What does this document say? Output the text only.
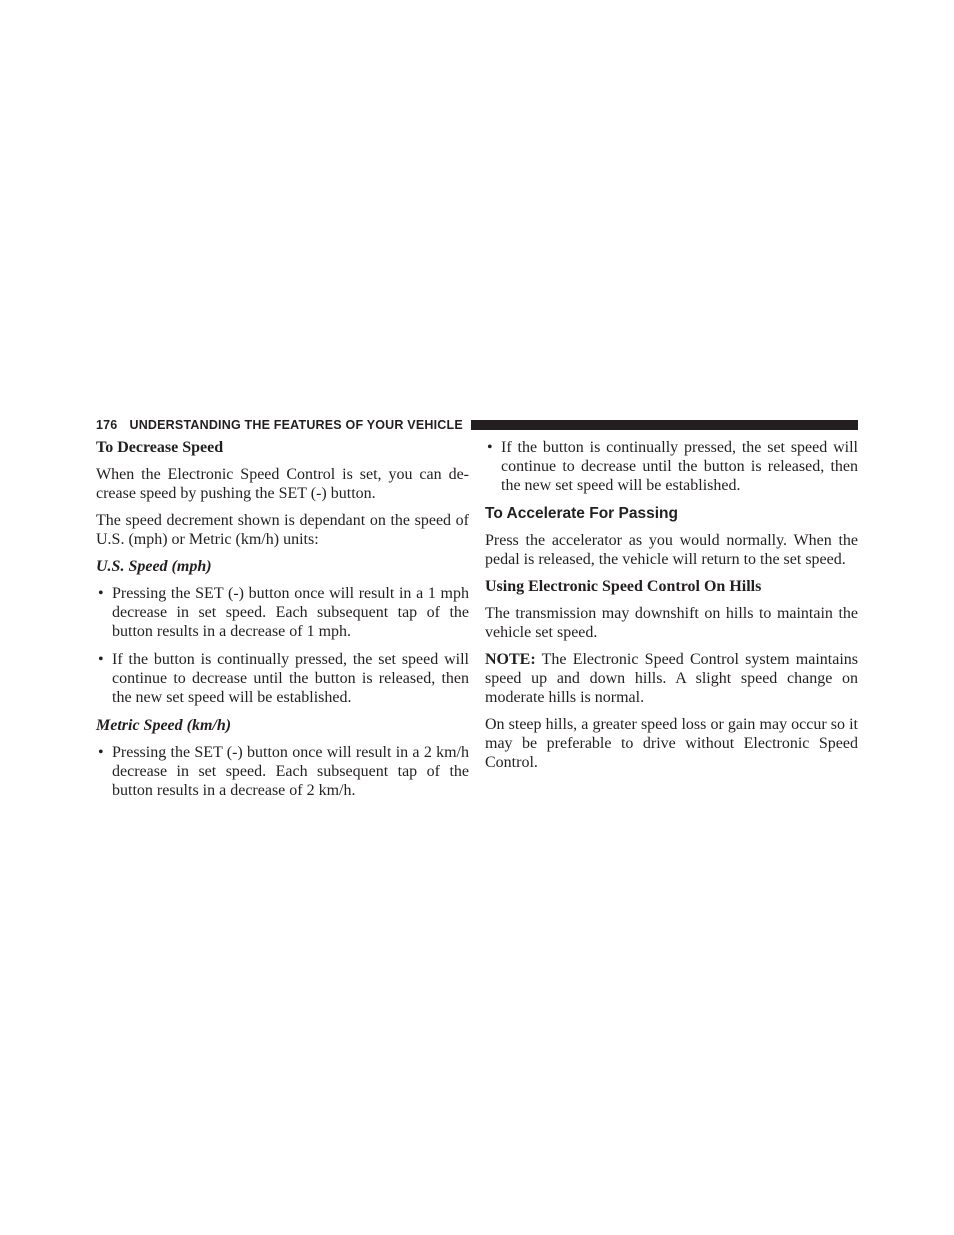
176 UNDERSTANDING THE FEATURES OF YOUR VEHICLE
To Decrease Speed

When the Electronic Speed Control is set, you can de-crease speed by pushing the SET (-) button.

The speed decrement shown is dependant on the speed of U.S. (mph) or Metric (km/h) units:

U.S. Speed (mph)
• Pressing the SET (-) button once will result in a 1 mph decrease in set speed. Each subsequent tap of the button results in a decrease of 1 mph.
• If the button is continually pressed, the set speed will continue to decrease until the button is released, then the new set speed will be established.
Metric Speed (km/h)
• Pressing the SET (-) button once will result in a 2 km/h decrease in set speed. Each subsequent tap of the button results in a decrease of 2 km/h.
• If the button is continually pressed, the set speed will continue to decrease until the button is released, then the new set speed will be established.
To Accelerate For Passing

Press the accelerator as you would normally. When the pedal is released, the vehicle will return to the set speed.

Using Electronic Speed Control On Hills

The transmission may downshift on hills to maintain the vehicle set speed.

NOTE: The Electronic Speed Control system maintains speed up and down hills. A slight speed change on moderate hills is normal.

On steep hills, a greater speed loss or gain may occur so it may be preferable to drive without Electronic Speed Control.
